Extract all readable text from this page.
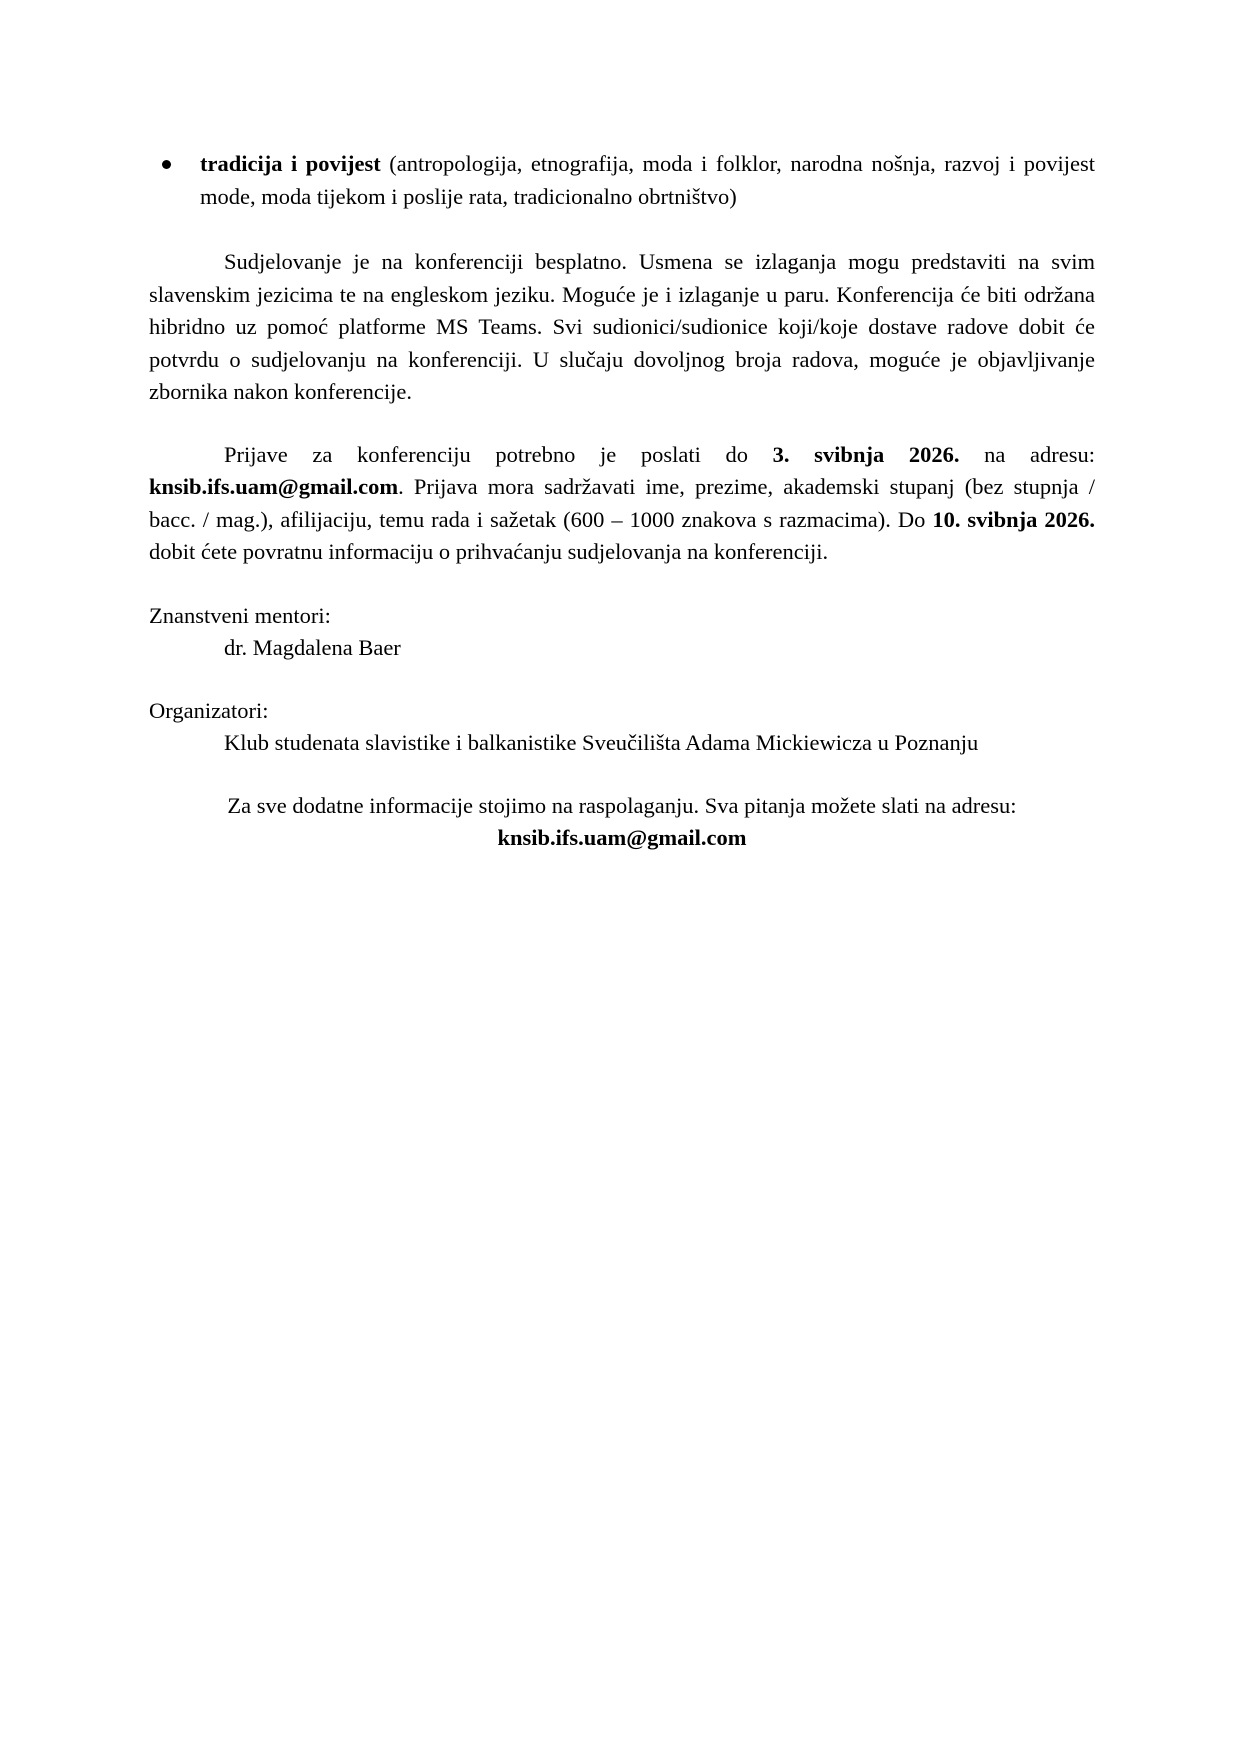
tradicija i povijest (antropologija, etnografija, moda i folklor, narodna nošnja, razvoj i povijest mode, moda tijekom i poslije rata, tradicionalno obrtništvo)

Sudjelovanje je na konferenciji besplatno. Usmena se izlaganja mogu predstaviti na svim slavenskim jezicima te na engleskom jeziku. Moguće je i izlaganje u paru. Konferencija će biti održana hibridno uz pomoć platforme MS Teams. Svi sudionici/sudionice koji/koje dostave radove dobit će potvrdu o sudjelovanju na konferenciji. U slučaju dovoljnog broja radova, moguće je objavljivanje zbornika nakon konferencije.

Prijave za konferenciju potrebno je poslati do 3. svibnja 2026. na adresu: knsib.ifs.uam@gmail.com. Prijava mora sadržavati ime, prezime, akademski stupanj (bez stupnja / bacc. / mag.), afilijaciju, temu rada i sažetak (600 – 1000 znakova s razmacima). Do 10. svibnja 2026. dobit ćete povratnu informaciju o prihvaćanju sudjelovanja na konferenciji.

Znanstveni mentori:
dr. Magdalena Baer
Organizatori:
Klub studenata slavistike i balkanistike Sveučilišta Adama Mickiewicza u Poznanju
Za sve dodatne informacije stojimo na raspolaganju. Sva pitanja možete slati na adresu:
knsib.ifs.uam@gmail.com
